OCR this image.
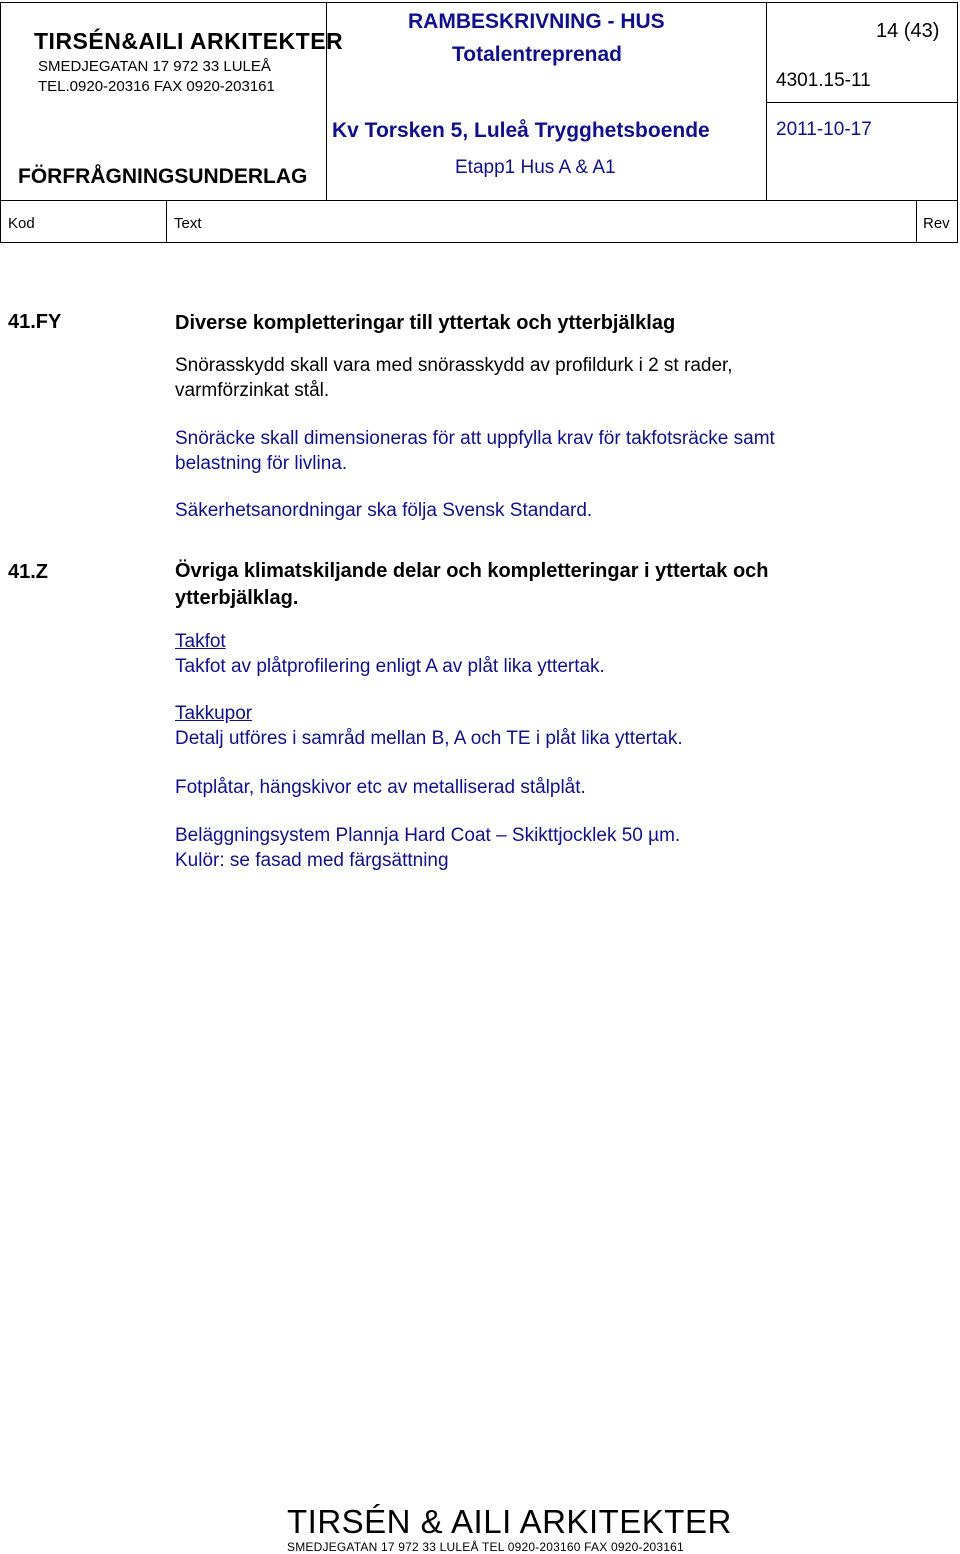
TIRSÉN&AILI ARKITEKTER
SMEDJEGATAN 17 972 33 LULEÅ
TEL.0920-20316 FAX 0920-203161
FÖRFRÅGNINGSUNDERLAG
RAMBESKRIVNING - HUS
Totalentreprenad
Kv Torsken 5, Luleå Trygghetsboende
Etapp1 Hus A & A1
14 (43)
4301.15-11
2011-10-17
Kod	Text	Rev
41.FY	Diverse kompletteringar till yttertak och ytterbjälklag
Snörasskydd skall vara med snörasskydd av profildurk i 2 st rader,
varmförzinkat stål.
Snöräcke skall dimensioneras för att uppfylla krav för takfotsräcke samt
belastning för livlina.
Säkerhetsanordningar ska följa Svensk Standard.
41.Z	Övriga klimatskiljande delar och kompletteringar i yttertak och
ytterbjälklag.
Takfot
Takfot av plåtprofilering enligt A av plåt lika yttertak.
Takkupor
Detalj utföres i samråd mellan B, A och TE i plåt lika yttertak.
Fotplåtar, hängskivor etc av metalliserad stålplåt.
Beläggningsystem Plannja Hard Coat – Skikttjocklek 50 µm.
Kulör: se fasad med färgsättning
TIRSÉN & AILI ARKITEKTER
SMEDJEGATAN 17 972 33 LULEÅ TEL 0920-203160 FAX 0920-203161
